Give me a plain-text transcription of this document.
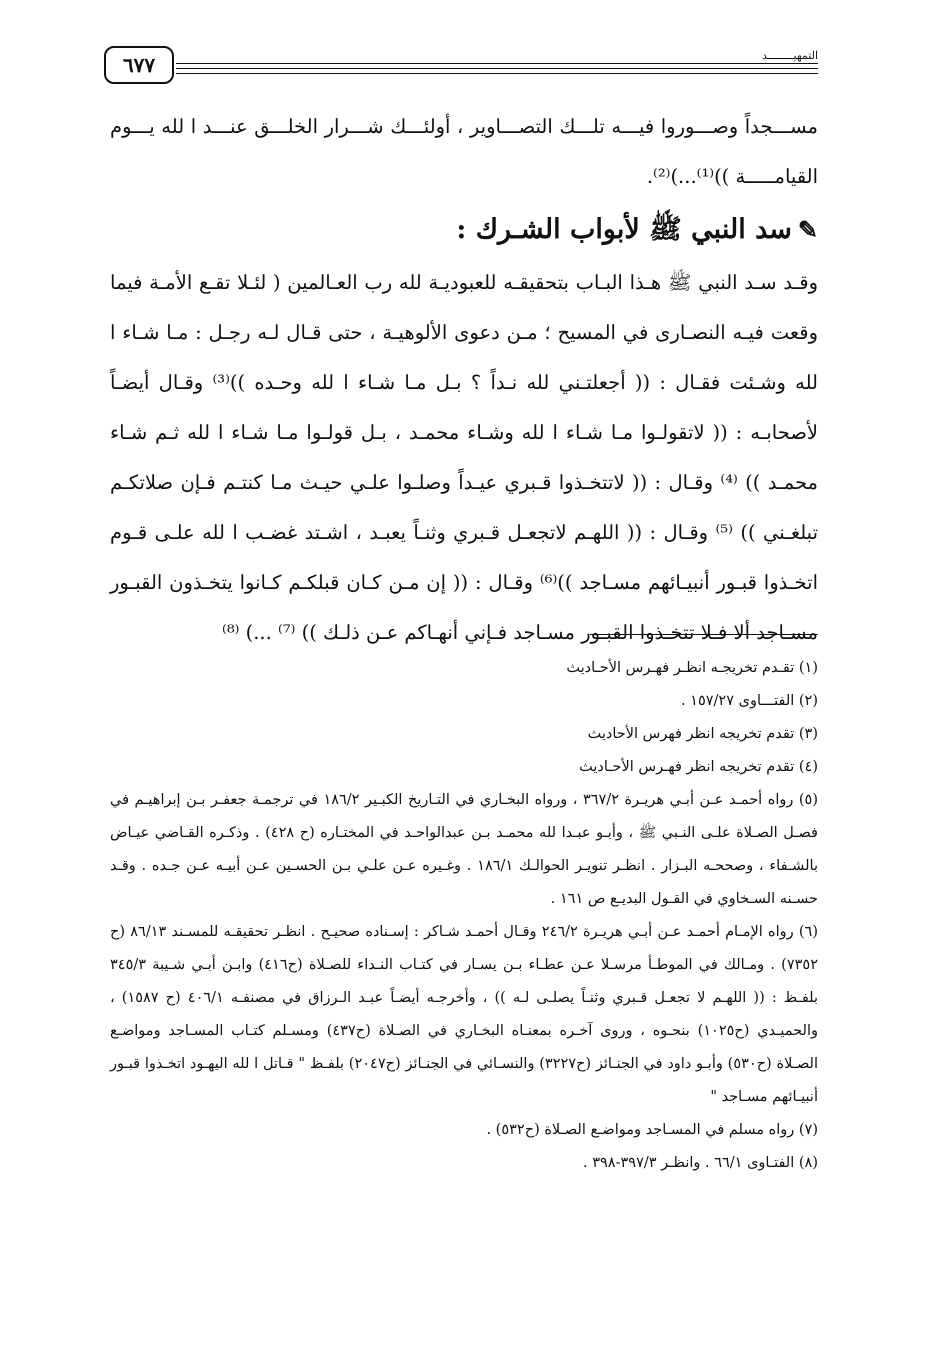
٦٧٧	التمهيــــــــد

مســـجداً وصـــوروا فيـــه تلـــك التصـــاوير ، أولئـــك شـــرار الخلـــق عنـــد ا لله يـــوم القيامـــــة ))⁽¹⁾...)⁽²⁾.

✎سد النبي ﷺ لأبواب الشـرك :

وقـد سـد النبي ﷺ هـذا البـاب بتحقيقـه للعبوديـة لله رب العـالمين ( لئـلا تقـع الأمـة فيما وقعت فيـه النصـارى في المسيح ؛ مـن دعوى الألوهيـة ، حتى قـال لـه رجـل : مـا شـاء ا لله وشـئت فقـال : (( أجعلتـني لله نـداً ؟ بـل مـا شـاء ا لله وحـده ))⁽³⁾ وقـال أيضـاً لأصحابـه : (( لاتقولـوا مـا شـاء ا لله وشـاء محمـد ، بـل قولـوا مـا شـاء ا لله ثـم شـاء محمـد )) ⁽⁴⁾ وقـال : (( لاتتخـذوا قـبري عيـداً وصلـوا علـي حيـث مـا كنتـم فـإن صلاتكـم تبلغـني )) ⁽⁵⁾ وقـال : (( اللهـم لاتجعـل قـبري وثنـاً يعبـد ، اشـتد غضـب ا لله علـى قـوم اتخـذوا قبـور أنبيـائهم مسـاجد ))⁽⁶⁾ وقـال : (( إن مـن كـان قبلكـم كـانوا يتخـذون القبـور مسـاجد ألا فـلا تتخـذوا القبـور مسـاجد فـإني أنهـاكم عـن ذلـك )) ⁽⁷⁾ ...) ⁽⁸⁾

(١) تقـدم تخريجـه انظـر فهـرس الأحـاديث

(٢) الفتـــاوى ١٥٧/٢٧ .

(٣) تقدم تخريجه انظر فهرس الأحاديث

(٤) تقدم تخريجه انظر فهـرس الأحـاديث

(٥) رواه أحمـد عـن أبـي هريـرة ٣٦٧/٢ ، ورواه البخـاري في التـاريخ الكبـير ١٨٦/٢ في ترجمـة جعفـر بـن إبراهيـم في فصـل الصـلاة علـى النـبي ﷺ ، وأبـو عبـدا لله محمـد بـن عبدالواحـد في المختـاره (ح ٤٢٨) . وذكـره القـاضي عيـاض بالشـفاء ، وصححـه البـزار . انظـر تنويـر الحوالـك ١٨٦/١ . وغـيره عـن علـي بـن الحسـين عـن أبيـه عـن جـده . وقـد حسـنه السـخاوي في القـول البديـع ص ١٦١ .

(٦) رواه الإمـام أحمـد عـن أبـي هريـرة ٢٤٦/٢ وقـال أحمـد شـاكر : إسـناده صحيـح . انظـر تحقيقـه للمسـند ٨٦/١٣ (ح ٧٣٥٢) . ومـالك في الموطـأ مرسـلا عـن عطـاء بـن يسـار في كتـاب النـداء للصـلاة (ح٤١٦) وابـن أبـي شـيبة ٣٤٥/٣ بلفـظ : (( اللهـم لا تجعـل قـبري وثنـاً يصلـى لـه )) ، وأخرجـه أيضـاً عبـد الـرزاق في مصنفـه ٤٠٦/١ (ح ١٥٨٧) ، والحميـدي (ح١٠٢٥) بنحـوه ، وروى آخـره بمعنـاه البخـاري في الصـلاة (ح٤٣٧) ومسـلم كتـاب المسـاجد ومواضـع الصـلاة (ح٥٣٠) وأبـو داود في الجنـائز (ح٣٢٢٧) والنسـائي في الجنـائز (ح٢٠٤٧) بلفـظ " قـاتل ا لله اليهـود اتخـذوا قبـور أنبيـائهم مسـاجد "

(٧) رواه مسلم في المسـاجد ومواضـع الصـلاة (ح٥٣٢) .

(٨) الفتـاوى ٦٦/١ . وانظـر ٣٩٧/٣-٣٩٨ .
